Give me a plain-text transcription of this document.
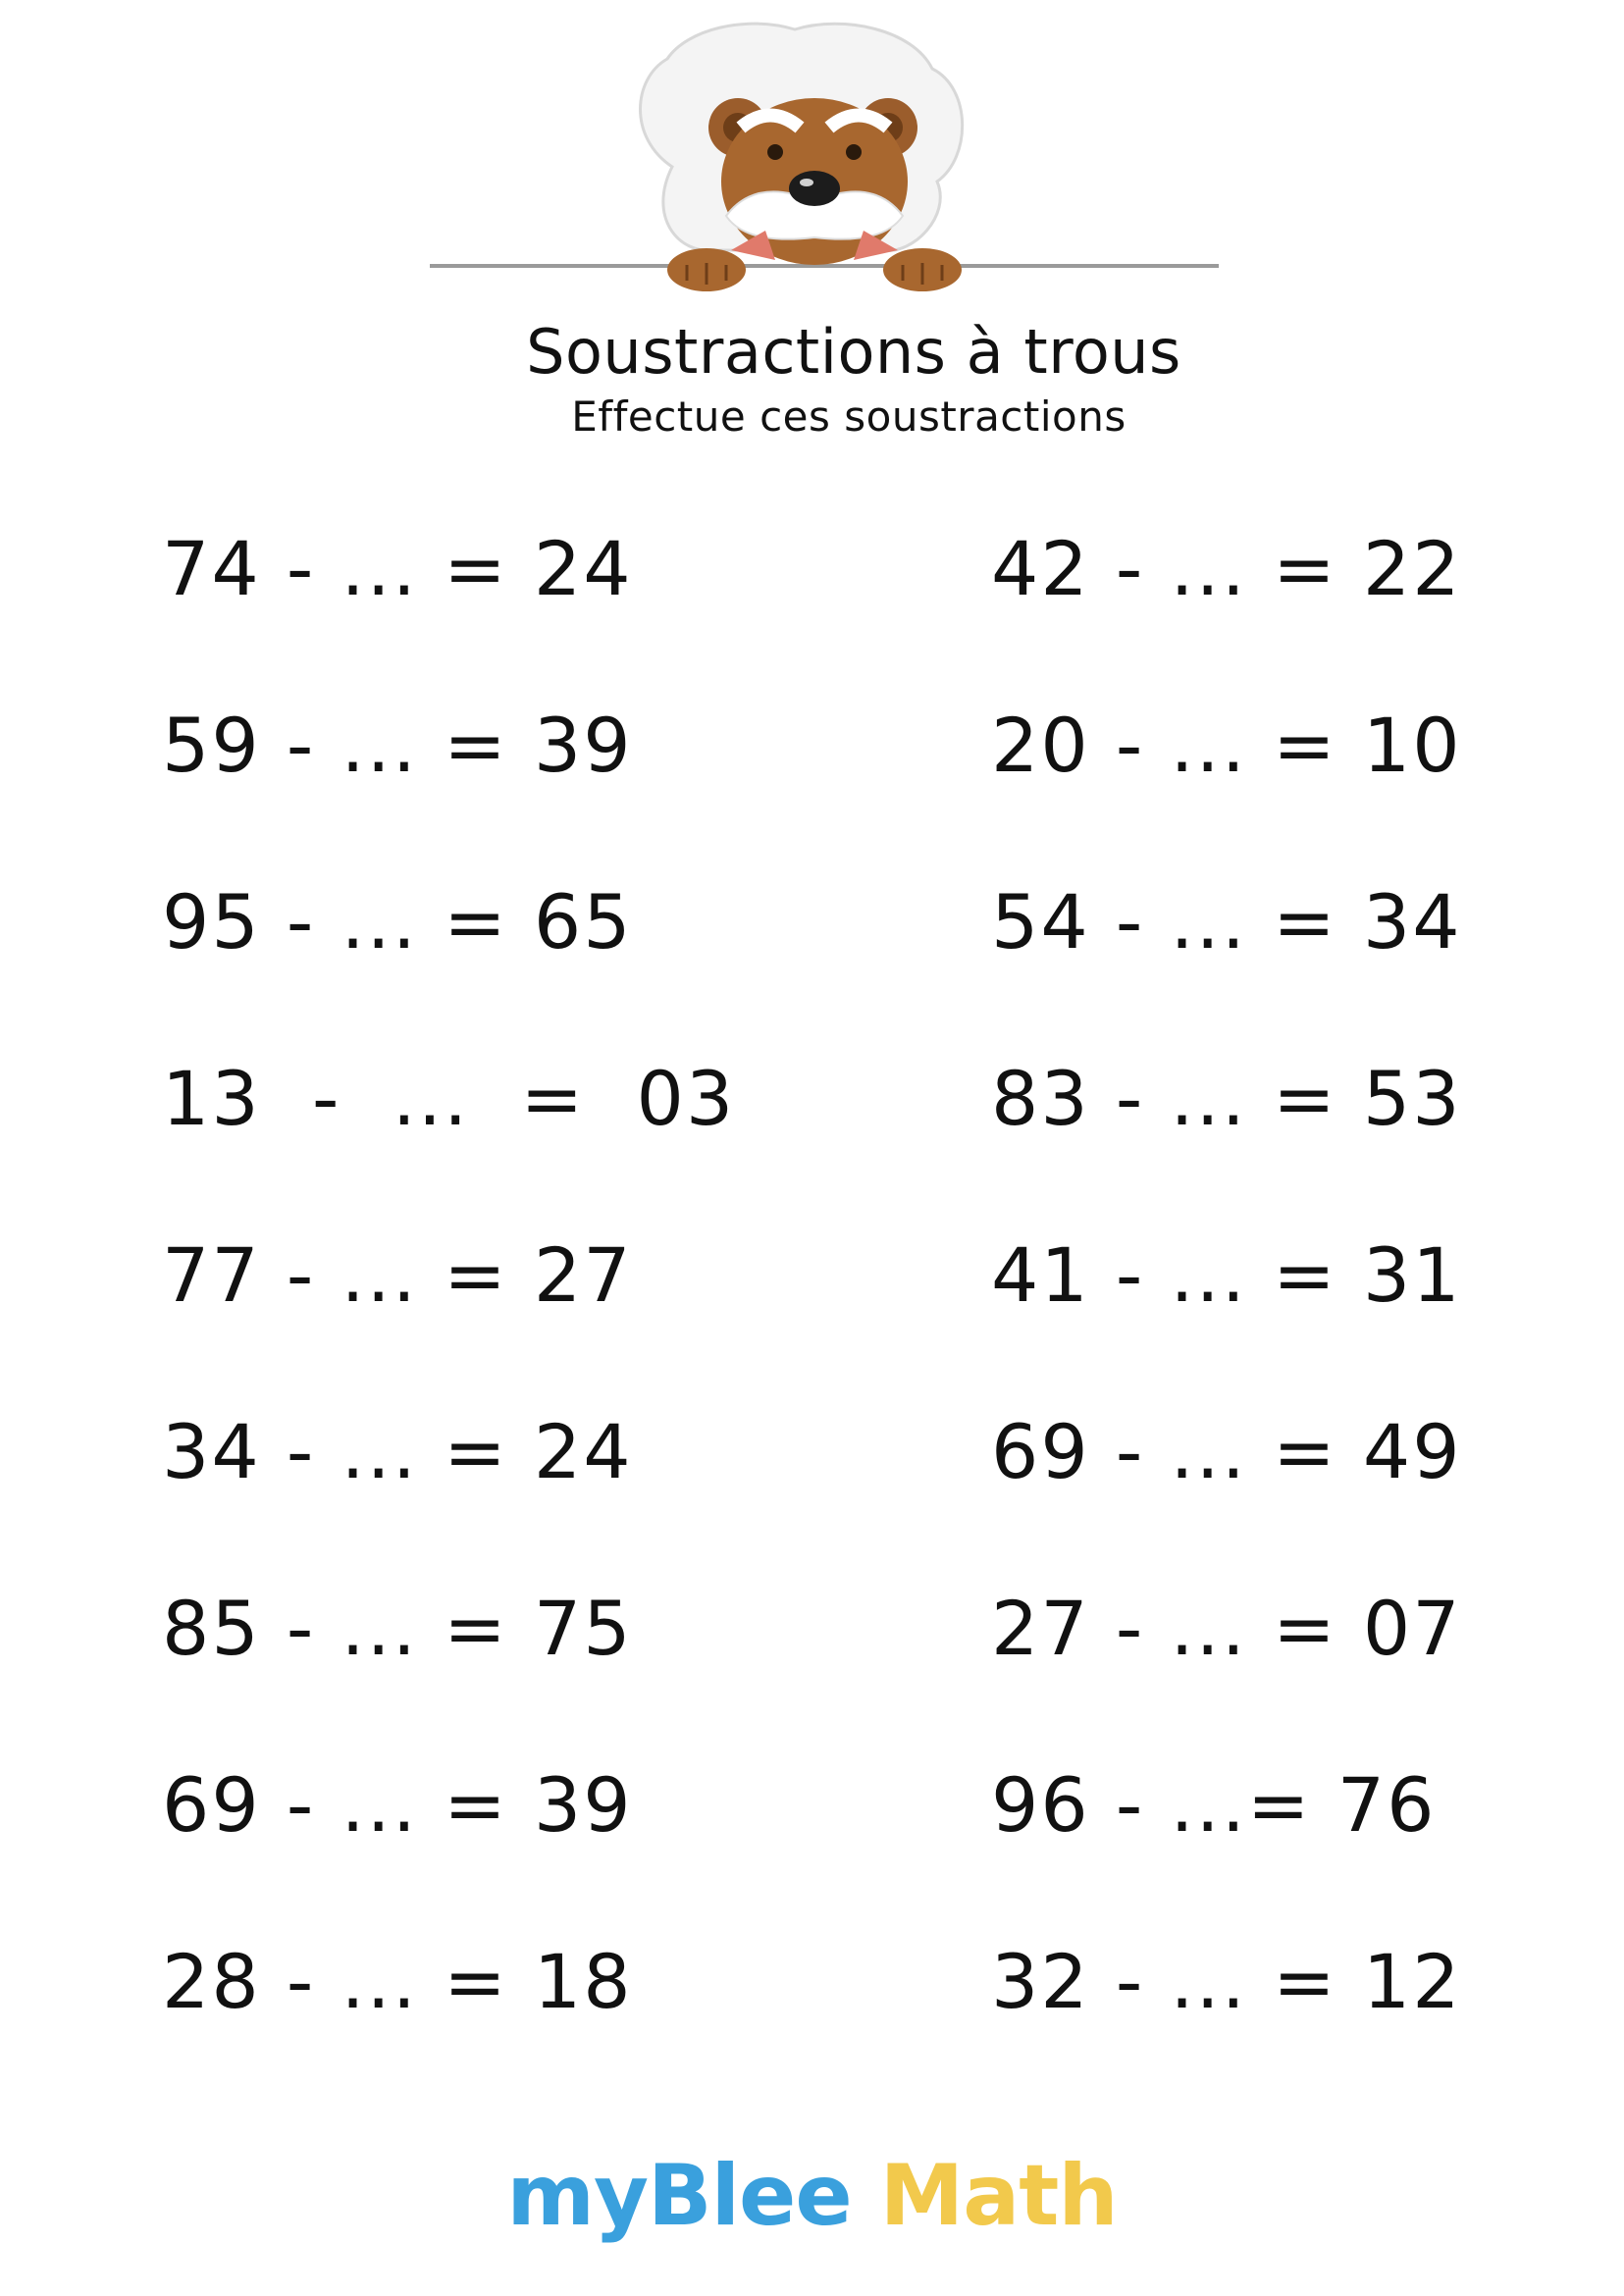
Soustractions à trous
Effectue ces soustractions
74 - ... = 24
59 - ... = 39
95 - ... = 65
13  -  ...  =  03
77 - ... = 27
34 - ... = 24
85 - ... = 75
69 - ... = 39
28 - ... = 18
42 - ... = 22
20 - ... = 10
54 - ... = 34
83 - ... = 53
41 - ... = 31
69 - ... = 49
27 - ... = 07
96 - ...= 76
32 - ... = 12
myBlee Math
